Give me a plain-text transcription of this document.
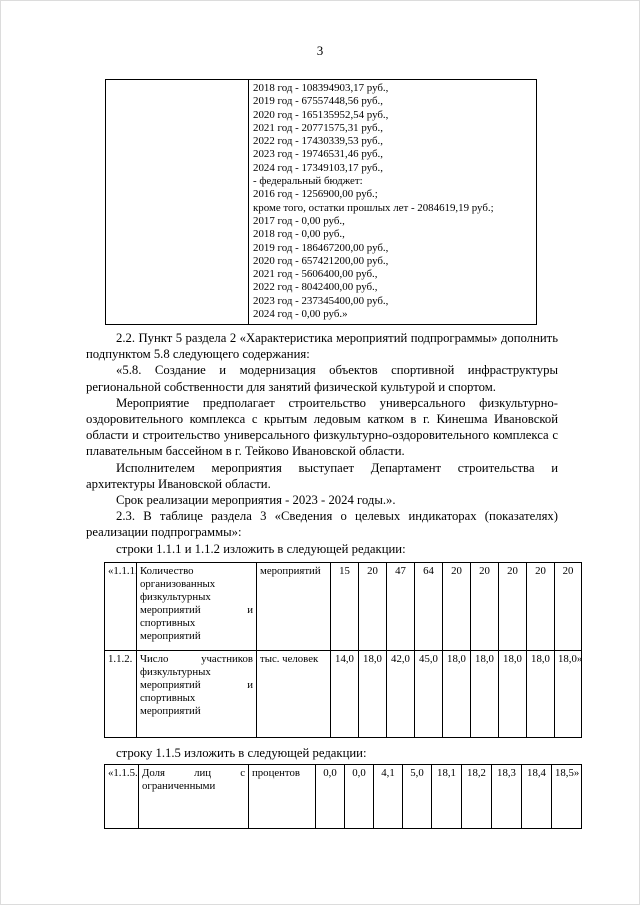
3

2018 год - 108394903,17 руб.,
2019 год - 67557448,56 руб.,
2020 год - 165135952,54 руб.,
2021 год - 20771575,31 руб.,
2022 год - 17430339,53 руб.,
2023 год - 19746531,46 руб.,
2024 год - 17349103,17 руб.,
- федеральный бюджет:
2016 год - 1256900,00 руб.;
кроме того, остатки прошлых лет - 2084619,19 руб.;
2017 год - 0,00 руб.,
2018 год - 0,00 руб.,
2019 год - 186467200,00 руб.,
2020 год - 657421200,00 руб.,
2021 год - 5606400,00 руб.,
2022 год - 8042400,00 руб.,
2023 год - 237345400,00 руб.,
2024 год - 0,00 руб.»

2.2. Пункт 5 раздела 2 «Характеристика мероприятий подпрограммы» дополнить подпунктом 5.8 следующего содержания:

«5.8. Создание и модернизация объектов спортивной инфраструктуры региональной собственности для занятий физической культурой и спортом.

Мероприятие предполагает строительство универсального физкультурно-оздоровительного комплекса с крытым ледовым катком в г. Кинешма Ивановской области и строительство универсального физкультурно-оздоровительного комплекса с плавательным бассейном в г. Тейково Ивановской области.

Исполнителем мероприятия выступает Департамент строительства и архитектуры Ивановской области.

Срок реализации мероприятия - 2023 - 2024 годы.».

2.3. В таблице раздела 3 «Сведения о целевых индикаторах (показателях) реализации подпрограммы»:

строки 1.1.1 и 1.1.2 изложить в следующей редакции:

«1.1.1.	Количество организованных физкультурных мероприятий и спортивных мероприятий	мероприятий	15	20	47	64	20	20	20	20	20
1.1.2.	Число участников физкультурных мероприятий и спортивных мероприятий	тыс. человек	14,0	18,0	42,0	45,0	18,0	18,0	18,0	18,0	18,0»

строку 1.1.5 изложить в следующей редакции:

«1.1.5.	Доля лиц с ограниченными	процентов	0,0	0,0	4,1	5,0	18,1	18,2	18,3	18,4	18,5»
